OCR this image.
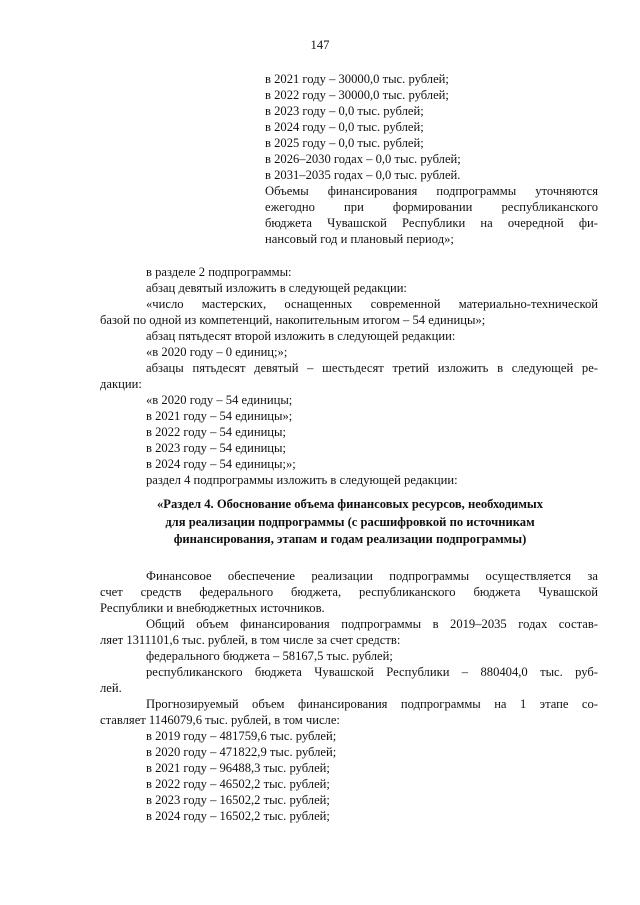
147
в 2021 году – 30000,0 тыс. рублей;
в 2022 году – 30000,0 тыс. рублей;
в 2023 году – 0,0 тыс. рублей;
в 2024 году – 0,0 тыс. рублей;
в 2025 году – 0,0 тыс. рублей;
в 2026–2030 годах – 0,0 тыс. рублей;
в 2031–2035 годах – 0,0 тыс. рублей.
Объемы финансирования подпрограммы уточняются
ежегодно при формировании республиканского
бюджета Чувашской Республики на очередной фи-
нансовый год и плановый период»;
в разделе 2 подпрограммы:
абзац девятый изложить в следующей редакции:
«число мастерских, оснащенных современной материально-технической
базой по одной из компетенций, накопительным итогом – 54 единицы»;
абзац пятьдесят второй изложить в следующей редакции:
«в 2020 году – 0 единиц;»;
абзацы пятьдесят девятый – шестьдесят третий изложить в следующей ре-
дакции:
«в 2020 году – 54 единицы;
в 2021 году – 54 единицы»;
в 2022 году – 54 единицы;
в 2023 году – 54 единицы;
в 2024 году – 54 единицы;»;
раздел 4 подпрограммы изложить в следующей редакции:
«Раздел 4. Обоснование объема финансовых ресурсов, необходимых
для реализации подпрограммы (с расшифровкой по источникам
финансирования, этапам и годам реализации подпрограммы)
Финансовое обеспечение реализации подпрограммы осуществляется за
счет средств федерального бюджета, республиканского бюджета Чувашской
Республики и внебюджетных источников.
Общий объем финансирования подпрограммы в 2019–2035 годах состав-
ляет 1311101,6 тыс. рублей, в том числе за счет средств:
федерального бюджета – 58167,5 тыс. рублей;
республиканского бюджета Чувашской Республики – 880404,0 тыс. руб-
лей.
Прогнозируемый объем финансирования подпрограммы на 1 этапе со-
ставляет 1146079,6 тыс. рублей, в том числе:
в 2019 году – 481759,6 тыс. рублей;
в 2020 году – 471822,9 тыс. рублей;
в 2021 году – 96488,3 тыс. рублей;
в 2022 году – 46502,2 тыс. рублей;
в 2023 году – 16502,2 тыс. рублей;
в 2024 году – 16502,2 тыс. рублей;
